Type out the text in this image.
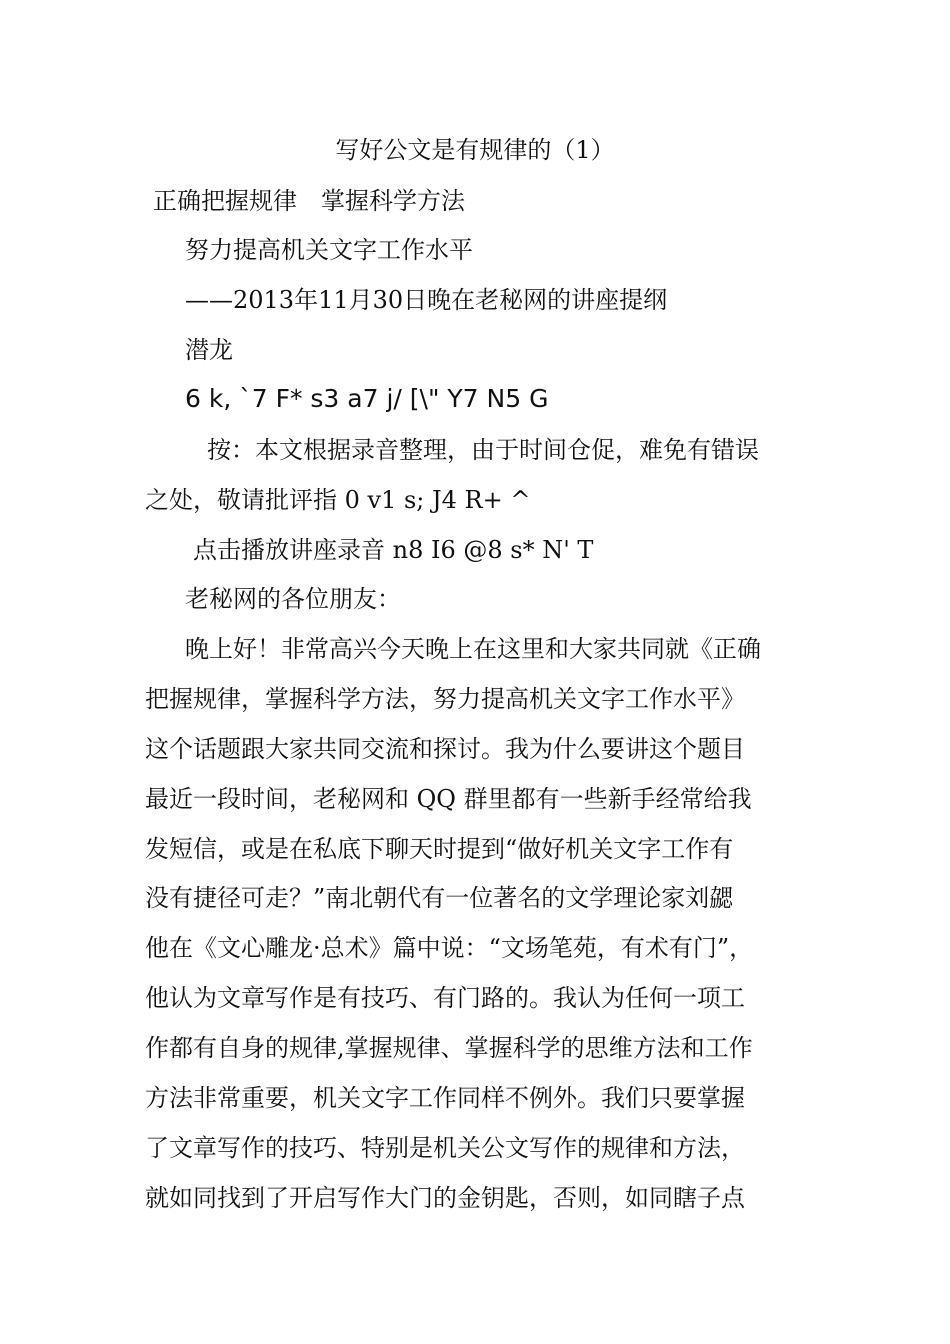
写好公文是有规律的（1）
正确把握规律　掌握科学方法
努力提高机关文字工作水平
——2013年11月30日晚在老秘网的讲座提纲
潜龙
6 k, `7 F* s3 a7 j/ [\" Y7 N5 G
按：本文根据录音整理，由于时间仓促，难免有错误
之处，敬请批评指 0 v1 s; J4 R+ ^
点击播放讲座录音 n8 I6 @8 s* N' T
老秘网的各位朋友：
晚上好！非常高兴今天晚上在这里和大家共同就《正确
把握规律，掌握科学方法，努力提高机关文字工作水平》
这个话题跟大家共同交流和探讨。我为什么要讲这个题目
最近一段时间，老秘网和 QQ 群里都有一些新手经常给我
发短信，或是在私底下聊天时提到“做好机关文字工作有
没有捷径可走？”南北朝代有一位著名的文学理论家刘勰
他在《文心雕龙·总术》篇中说：“文场笔苑，有术有门”，
他认为文章写作是有技巧、有门路的。我认为任何一项工
作都有自身的规律,掌握规律、掌握科学的思维方法和工作
方法非常重要，机关文字工作同样不例外。我们只要掌握
了文章写作的技巧、特别是机关公文写作的规律和方法，
就如同找到了开启写作大门的金钥匙，否则，如同瞎子点
